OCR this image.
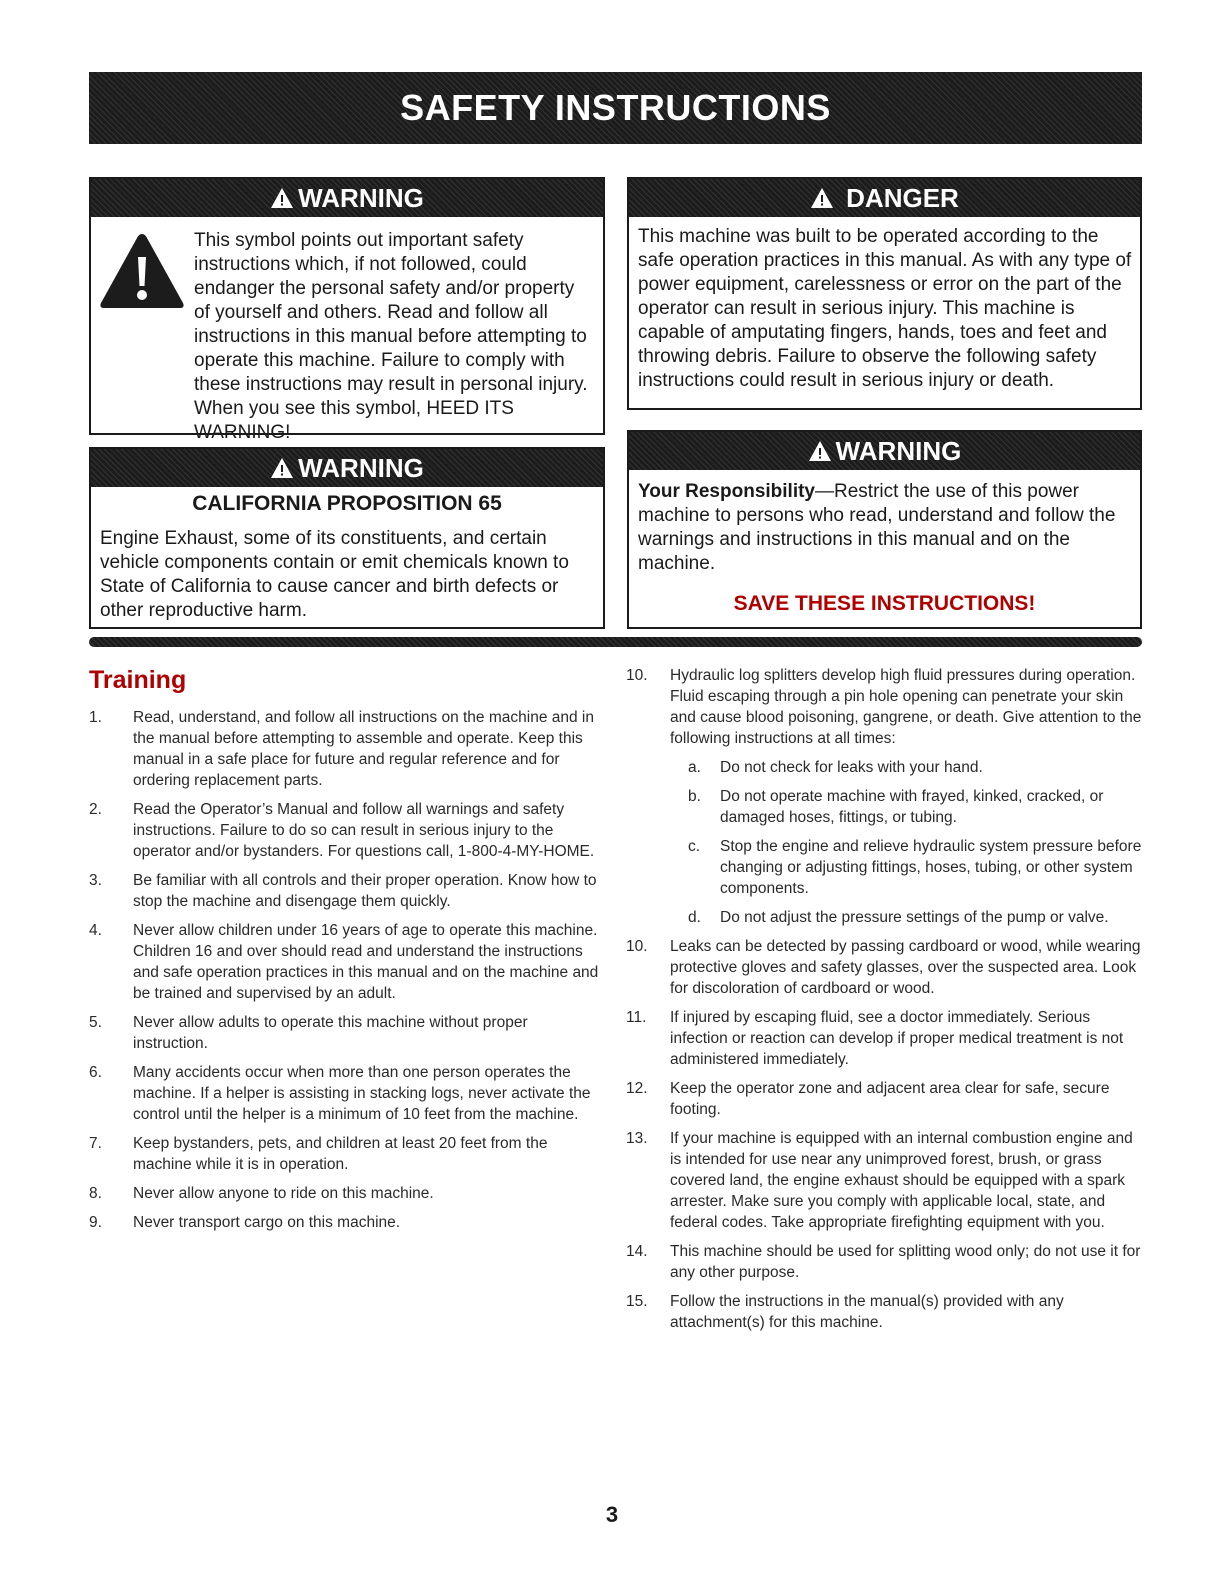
SAFETY INSTRUCTIONS
WARNING
This symbol points out important safety instructions which, if not followed, could endanger the personal safety and/or property of yourself and others. Read and follow all instructions in this manual before attempting to operate this machine. Failure to comply with these instructions may result in personal injury. When you see this symbol, HEED ITS WARNING!
DANGER
This machine was built to be operated according to the safe operation practices in this manual. As with any type of power equipment, carelessness or error on the part of the operator can result in serious injury. This machine is capable of amputating fingers, hands, toes and feet and throwing debris. Failure to observe the following safety instructions could result in serious injury or death.
WARNING
CALIFORNIA PROPOSITION 65
Engine Exhaust, some of its constituents, and certain vehicle components contain or emit chemicals known to State of California to cause cancer and birth defects or other reproductive harm.
WARNING
Your Responsibility—Restrict the use of this power machine to persons who read, understand and follow the warnings and instructions in this manual and on the machine.
SAVE THESE INSTRUCTIONS!
Training
1. Read, understand, and follow all instructions on the machine and in the manual before attempting to assemble and operate. Keep this manual in a safe place for future and regular reference and for ordering replacement parts.
2. Read the Operator’s Manual and follow all warnings and safety instructions. Failure to do so can result in serious injury to the operator and/or bystanders. For questions call, 1-800-4-MY-HOME.
3. Be familiar with all controls and their proper operation. Know how to stop the machine and disengage them quickly.
4. Never allow children under 16 years of age to operate this machine. Children 16 and over should read and understand the instructions and safe operation practices in this manual and on the machine and be trained and supervised by an adult.
5. Never allow adults to operate this machine without proper instruction.
6. Many accidents occur when more than one person operates the machine. If a helper is assisting in stacking logs, never activate the control until the helper is a minimum of 10 feet from the machine.
7. Keep bystanders, pets, and children at least 20 feet from the machine while it is in operation.
8. Never allow anyone to ride on this machine.
9. Never transport cargo on this machine.
10. Hydraulic log splitters develop high fluid pressures during operation. Fluid escaping through a pin hole opening can penetrate your skin and cause blood poisoning, gangrene, or death. Give attention to the following instructions at all times:
a. Do not check for leaks with your hand.
b. Do not operate machine with frayed, kinked, cracked, or damaged hoses, fittings, or tubing.
c. Stop the engine and relieve hydraulic system pressure before changing or adjusting fittings, hoses, tubing, or other system components.
d. Do not adjust the pressure settings of the pump or valve.
10. Leaks can be detected by passing cardboard or wood, while wearing protective gloves and safety glasses, over the suspected area. Look for discoloration of cardboard or wood.
11. If injured by escaping fluid, see a doctor immediately. Serious infection or reaction can develop if proper medical treatment is not administered immediately.
12. Keep the operator zone and adjacent area clear for safe, secure footing.
13. If your machine is equipped with an internal combustion engine and is intended for use near any unimproved forest, brush, or grass covered land, the engine exhaust should be equipped with a spark arrester. Make sure you comply with applicable local, state, and federal codes. Take appropriate firefighting equipment with you.
14. This machine should be used for splitting wood only; do not use it for any other purpose.
15. Follow the instructions in the manual(s) provided with any attachment(s) for this machine.
3
